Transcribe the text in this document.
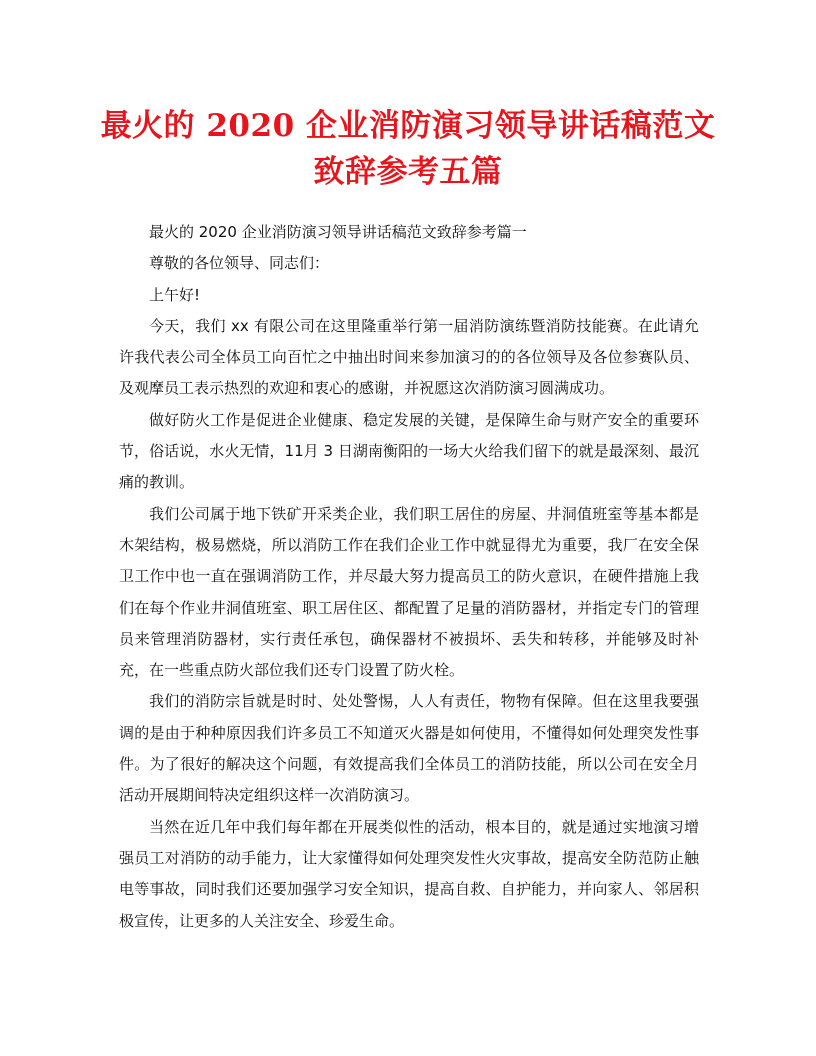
最火的 2020 企业消防演习领导讲话稿范文致辞参考五篇

最火的 2020 企业消防演习领导讲话稿范文致辞参考篇一

尊敬的各位领导、同志们：

上午好!

今天，我们 xx 有限公司在这里隆重举行第一届消防演练暨消防技能赛。在此请允许我代表公司全体员工向百忙之中抽出时间来参加演习的的各位领导及各位参赛队员、及观摩员工表示热烈的欢迎和衷心的感谢，并祝愿这次消防演习圆满成功。

做好防火工作是促进企业健康、稳定发展的关键，是保障生命与财产安全的重要环节，俗话说，水火无情，11月 3 日湖南衡阳的一场大火给我们留下的就是最深刻、最沉痛的教训。

我们公司属于地下铁矿开采类企业，我们职工居住的房屋、井洞值班室等基本都是木架结构，极易燃烧，所以消防工作在我们企业工作中就显得尤为重要，我厂在安全保卫工作中也一直在强调消防工作，并尽最大努力提高员工的防火意识，在硬件措施上我们在每个作业井洞值班室、职工居住区、都配置了足量的消防器材，并指定专门的管理员来管理消防器材，实行责任承包，确保器材不被损坏、丢失和转移，并能够及时补充，在一些重点防火部位我们还专门设置了防火栓。

我们的消防宗旨就是时时、处处警惕，人人有责任，物物有保障。但在这里我要强调的是由于种种原因我们许多员工不知道灭火器是如何使用，不懂得如何处理突发性事件。为了很好的解决这个问题，有效提高我们全体员工的消防技能，所以公司在安全月活动开展期间特决定组织这样一次消防演习。

当然在近几年中我们每年都在开展类似性的活动，根本目的，就是通过实地演习增强员工对消防的动手能力，让大家懂得如何处理突发性火灾事故，提高安全防范防止触电等事故，同时我们还要加强学习安全知识，提高自救、自护能力，并向家人、邻居积极宣传，让更多的人关注安全、珍爱生命。
